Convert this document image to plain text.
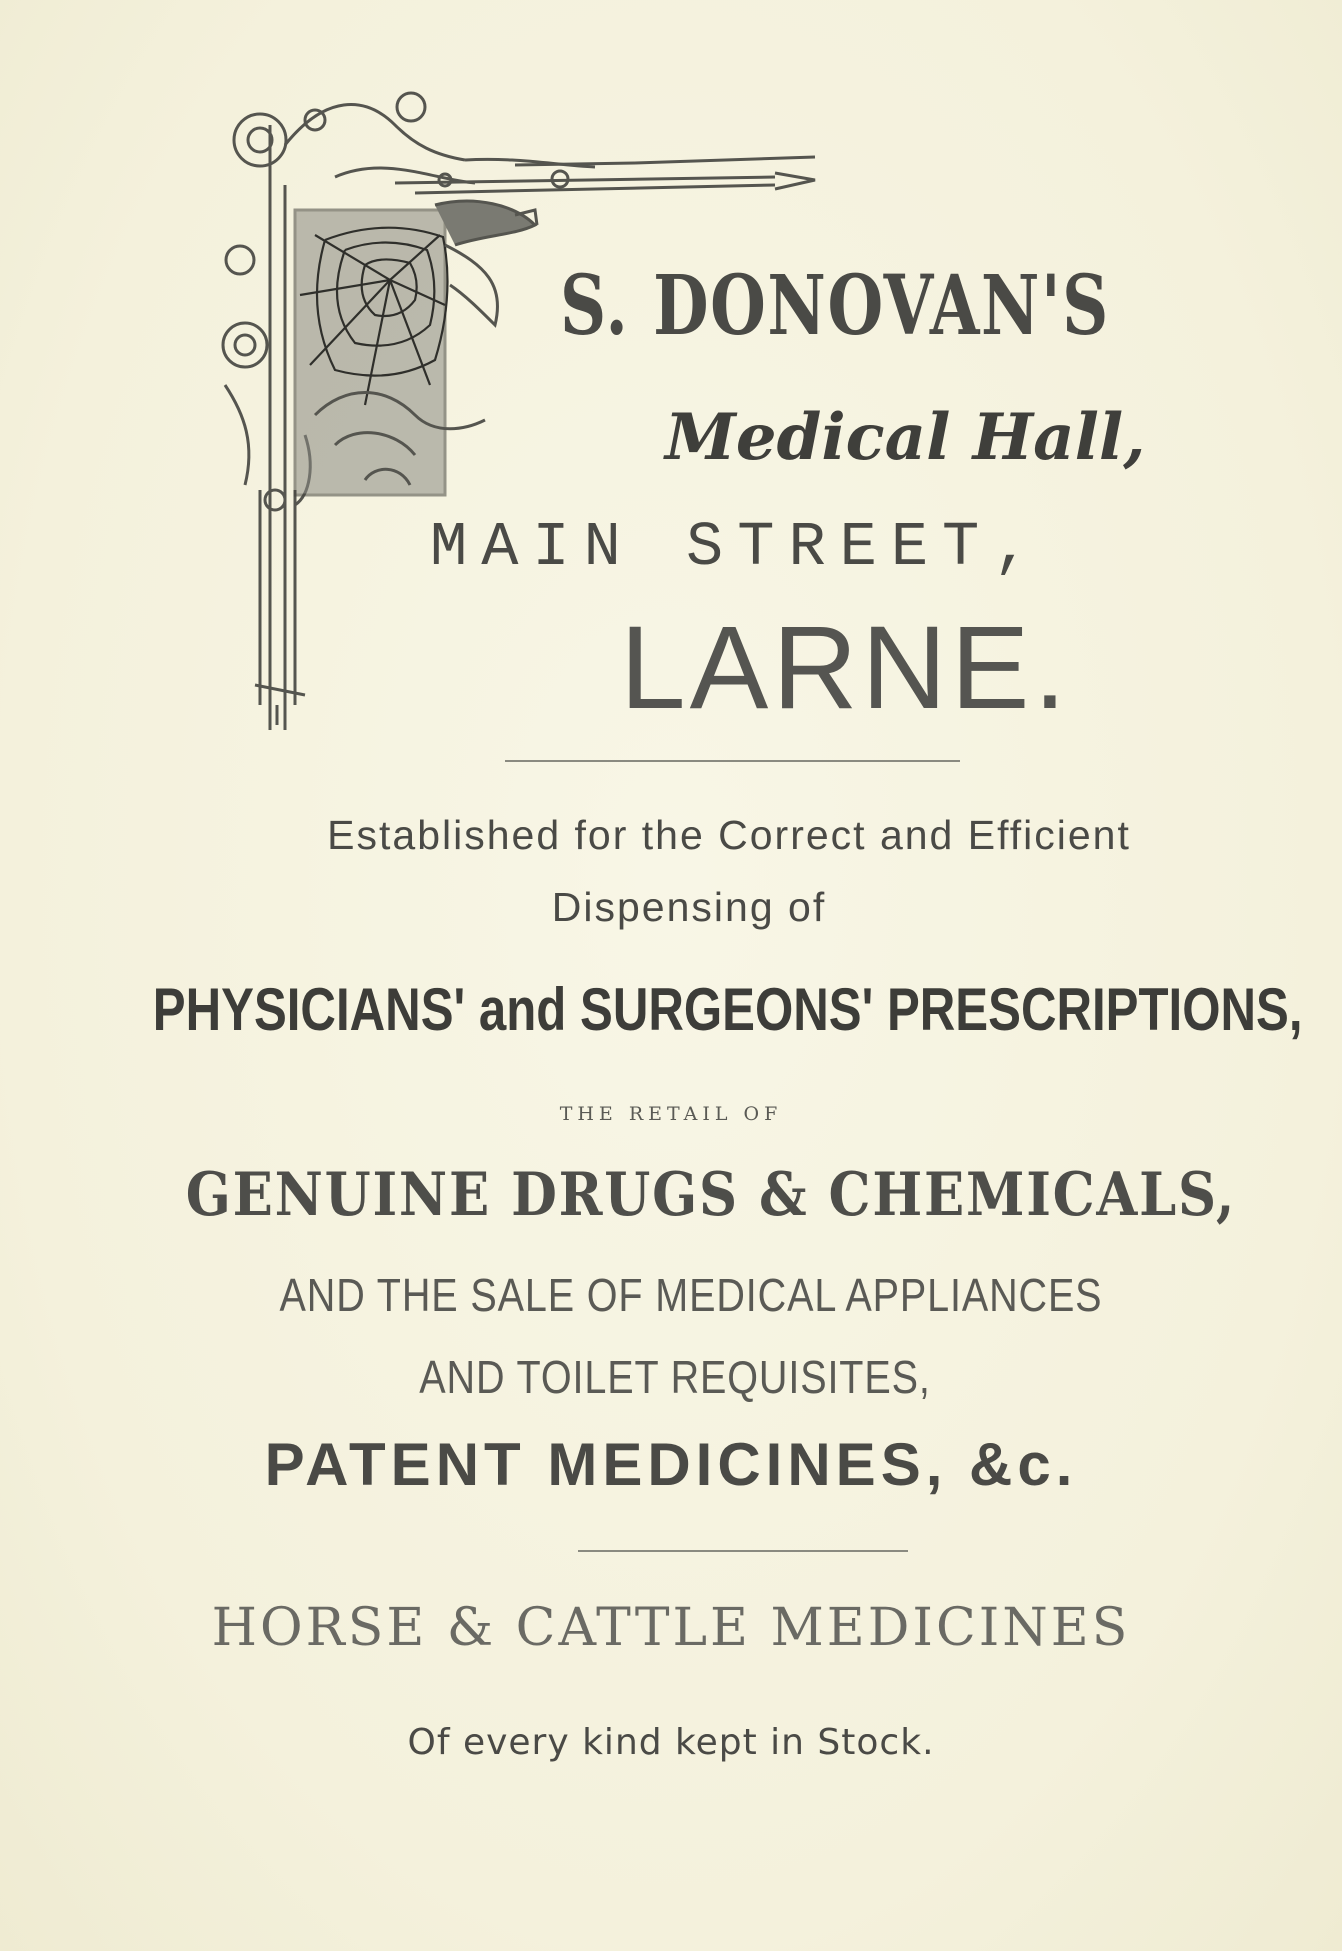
S. DONOVAN'S
Medical Hall,
MAIN STREET,
LARNE.
Established for the Correct and Efficient
Dispensing of
PHYSICIANS' and SURGEONS' PRESCRIPTIONS,
THE RETAIL OF
GENUINE DRUGS & CHEMICALS,
AND THE SALE OF MEDICAL APPLIANCES
AND TOILET REQUISITES,
PATENT MEDICINES, &c.
HORSE & CATTLE MEDICINES
Of every kind kept in Stock.
